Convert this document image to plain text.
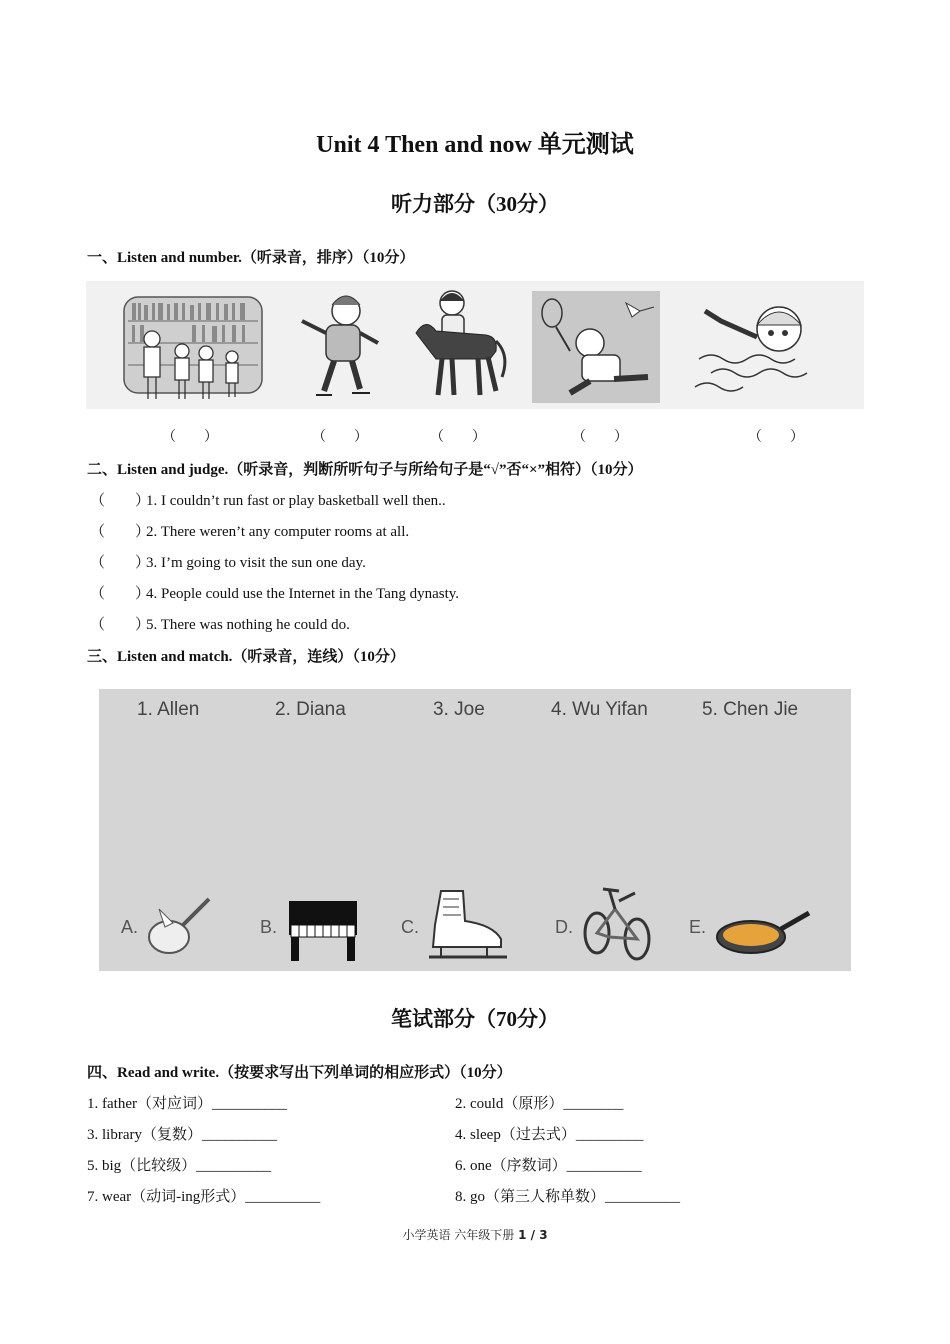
Unit 4 Then and now 单元测试
听力部分（30分）
一、Listen and number.（听录音，排序）（10分）
（　　）	（　　）	（　　）	（　　）	（　　）
二、Listen and judge.（听录音，判断所听句子与所给句子是“√”否“×”相符）（10分）
（　　）1. I couldn’t run fast or play basketball well then..
（　　）2. There weren’t any computer rooms at all.
（　　）3. I’m going to visit the sun one day.
（　　）4. People could use the Internet in the Tang dynasty.
（　　）5. There was nothing he could do.
三、Listen and match.（听录音，连线）（10分）
1. Allen	2. Diana	3. Joe	4. Wu Yifan	5. Chen Jie
A.	B.	C.	D.	E.
笔试部分（70分）
四、Read and write.（按要求写出下列单词的相应形式）（10分）
1. father（对应词）__________	2. could（原形）________
3. library（复数）__________	4. sleep（过去式）_________
5. big（比较级）__________	6. one（序数词）__________
7. wear（动词-ing形式）__________	8. go（第三人称单数）__________
小学英语 六年级下册 1 / 3
